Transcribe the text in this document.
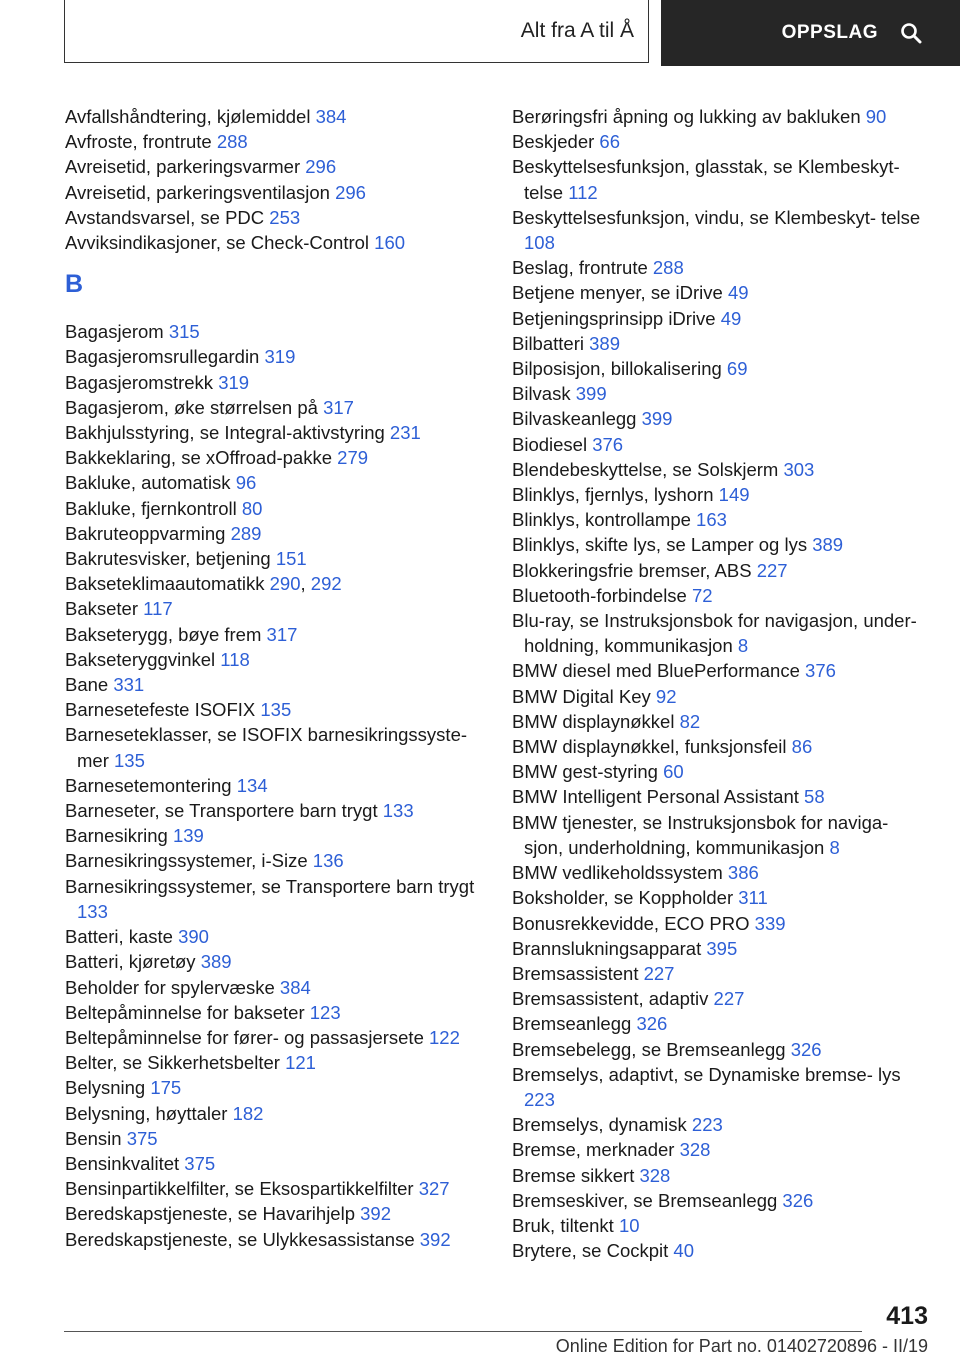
Alt fra A til Å	OPPSLAG
Avfallshåndtering, kjølemiddel 384
Avfroste, frontrute 288
Avreisetid, parkeringsvarmer 296
Avreisetid, parkeringsventilasjon 296
Avstandsvarsel, se PDC 253
Avviksindikasjoner, se Check-Control 160
B
Bagasjerom 315
Bagasjeromsrullegardin 319
Bagasjeromstrekk 319
Bagasjerom, øke størrelsen på 317
Bakhjulsstyring, se Integral-aktivstyring 231
Bakkeklaring, se xOffroad-pakke 279
Bakluke, automatisk 96
Bakluke, fjernkontroll 80
Bakruteoppvarming 289
Bakrutesvisker, betjening 151
Bakseteklimaautomatikk 290, 292
Bakseter 117
Bakseterygg, bøye frem 317
Bakseteryggvinkel 118
Bane 331
Barnesetefeste ISOFIX 135
Barneseteklasser, se ISOFIX barnesikringssyste‐ mer 135
Barnesetemontering 134
Barneseter, se Transportere barn trygt 133
Barnesikring 139
Barnesikringssystemer, i-Size 136
Barnesikringssystemer, se Transportere barn trygt 133
Batteri, kaste 390
Batteri, kjøretøy 389
Beholder for spylervæske 384
Beltepåminnelse for bakseter 123
Beltepåminnelse for fører- og passasjersete 122
Belter, se Sikkerhetsbelter 121
Belysning 175
Belysning, høyttaler 182
Bensin 375
Bensinkvalitet 375
Bensinpartikkelfilter, se Eksospartikkelfilter 327
Beredskapstjeneste, se Havarihjelp 392
Beredskapstjeneste, se Ulykkesassistanse 392
Berøringsfri åpning og lukking av bakluken 90
Beskjeder 66
Beskyttelsesfunksjon, glasstak, se Klembeskyt‐ telse 112
Beskyttelsesfunksjon, vindu, se Klembeskyt‐ telse 108
Beslag, frontrute 288
Betjene menyer, se iDrive 49
Betjeningsprinsipp iDrive 49
Bilbatteri 389
Bilposisjon, billokalisering 69
Bilvask 399
Bilvaskeanlegg 399
Biodiesel 376
Blendebeskyttelse, se Solskjerm 303
Blinklys, fjernlys, lyshorn 149
Blinklys, kontrollampe 163
Blinklys, skifte lys, se Lamper og lys 389
Blokkeringsfrie bremser, ABS 227
Bluetooth-forbindelse 72
Blu-ray, se Instruksjonsbok for navigasjon, under‐ holdning, kommunikasjon 8
BMW diesel med BluePerformance 376
BMW Digital Key 92
BMW displaynøkkel 82
BMW displaynøkkel, funksjonsfeil 86
BMW gest-styring 60
BMW Intelligent Personal Assistant 58
BMW tjenester, se Instruksjonsbok for naviga‐ sjon, underholdning, kommunikasjon 8
BMW vedlikeholdssystem 386
Boksholder, se Koppholder 311
Bonusrekkevidde, ECO PRO 339
Brannslukningsapparat 395
Bremsassistent 227
Bremsassistent, adaptiv 227
Bremseanlegg 326
Bremsebelegg, se Bremseanlegg 326
Bremselys, adaptivt, se Dynamiske bremse‐ lys 223
Bremselys, dynamisk 223
Bremse, merknader 328
Bremse sikkert 328
Bremseskiver, se Bremseanlegg 326
Bruk, tiltenkt 10
Brytere, se Cockpit 40
413
Online Edition for Part no. 01402720896 - II/19
